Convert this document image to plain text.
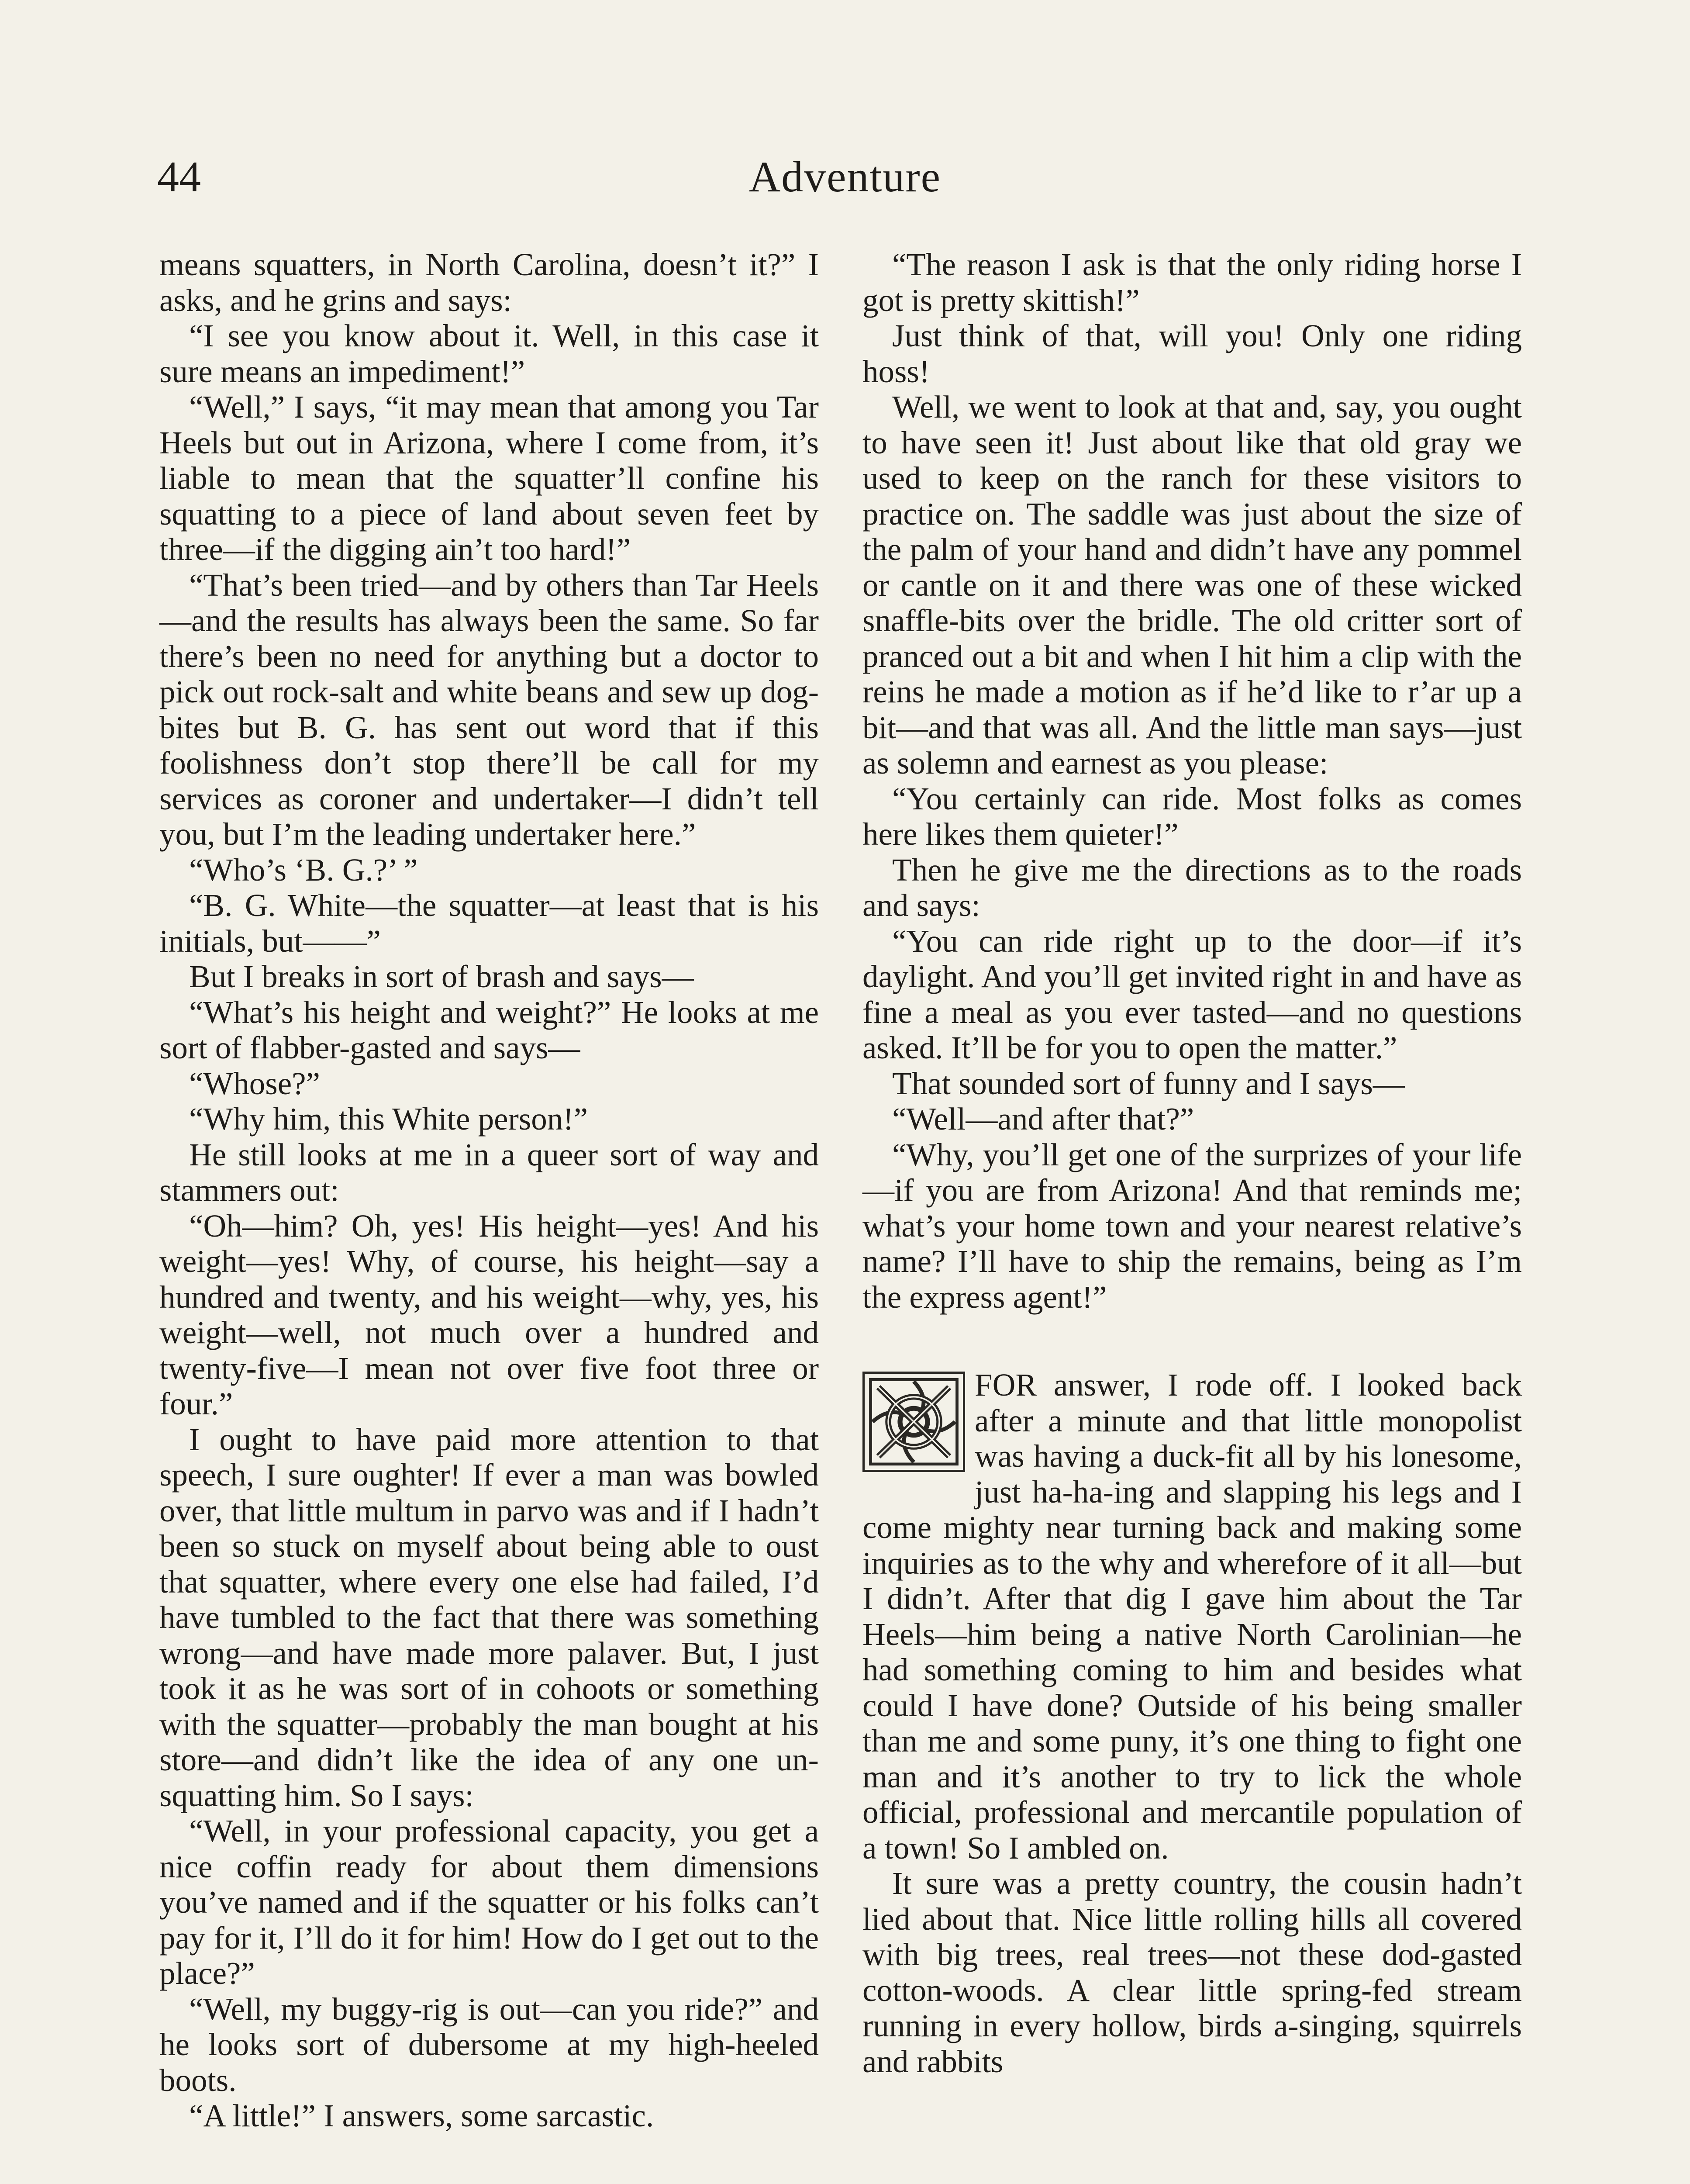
44	Adventure

means squatters, in North Carolina, doesn’t it?” I asks, and he grins and says:

“I see you know about it. Well, in this case it sure means an impediment!”

“Well,” I says, “it may mean that among you Tar Heels but out in Arizona, where I come from, it’s liable to mean that the squatter’ll confine his squatting to a piece of land about seven feet by three—if the digging ain’t too hard!”

“That’s been tried—and by others than Tar Heels—and the results has always been the same. So far there’s been no need for anything but a doctor to pick out rock-salt and white beans and sew up dog-bites but B. G. has sent out word that if this foolishness don’t stop there’ll be call for my services as coroner and undertaker—I didn’t tell you, but I’m the leading undertaker here.”

“Who’s ‘B. G.?’ ”

“B. G. White—the squatter—at least that is his initials, but——”

But I breaks in sort of brash and says—

“What’s his height and weight?” He looks at me sort of flabber-gasted and says—

“Whose?”

“Why him, this White person!”

He still looks at me in a queer sort of way and stammers out:

“Oh—him? Oh, yes! His height—yes! And his weight—yes! Why, of course, his height—say a hundred and twenty, and his weight—why, yes, his weight—well, not much over a hundred and twenty-five—I mean not over five foot three or four.”

I ought to have paid more attention to that speech, I sure oughter! If ever a man was bowled over, that little multum in parvo was and if I hadn’t been so stuck on myself about being able to oust that squatter, where every one else had failed, I’d have tumbled to the fact that there was something wrong—and have made more palaver. But, I just took it as he was sort of in cohoots or something with the squatter—probably the man bought at his store—and didn’t like the idea of any one un-squatting him. So I says:

“Well, in your professional capacity, you get a nice coffin ready for about them dimensions you’ve named and if the squatter or his folks can’t pay for it, I’ll do it for him! How do I get out to the place?”

“Well, my buggy-rig is out—can you ride?” and he looks sort of dubersome at my high-heeled boots.

“A little!” I answers, some sarcastic.

“The reason I ask is that the only riding horse I got is pretty skittish!”

Just think of that, will you! Only one riding hoss!

Well, we went to look at that and, say, you ought to have seen it! Just about like that old gray we used to keep on the ranch for these visitors to practice on. The saddle was just about the size of the palm of your hand and didn’t have any pommel or cantle on it and there was one of these wicked snaffle-bits over the bridle. The old critter sort of pranced out a bit and when I hit him a clip with the reins he made a motion as if he’d like to r’ar up a bit—and that was all. And the little man says—just as solemn and earnest as you please:

“You certainly can ride. Most folks as comes here likes them quieter!”

Then he give me the directions as to the roads and says:

“You can ride right up to the door—if it’s daylight. And you’ll get invited right in and have as fine a meal as you ever tasted—and no questions asked. It’ll be for you to open the matter.”

That sounded sort of funny and I says—

“Well—and after that?”

“Why, you’ll get one of the surprizes of your life—if you are from Arizona! And that reminds me; what’s your home town and your nearest relative’s name? I’ll have to ship the remains, being as I’m the express agent!”

FOR answer, I rode off. I looked back after a minute and that little monopolist was having a duck-fit all by his lonesome, just ha-ha-ing and slapping his legs and I come mighty near turning back and making some inquiries as to the why and wherefore of it all—but I didn’t. After that dig I gave him about the Tar Heels—him being a native North Carolinian—he had something coming to him and besides what could I have done? Outside of his being smaller than me and some puny, it’s one thing to fight one man and it’s another to try to lick the whole official, professional and mercantile population of a town! So I ambled on.

It sure was a pretty country, the cousin hadn’t lied about that. Nice little rolling hills all covered with big trees, real trees—not these dod-gasted cotton-woods. A clear little spring-fed stream running in every hollow, birds a-singing, squirrels and rabbits
